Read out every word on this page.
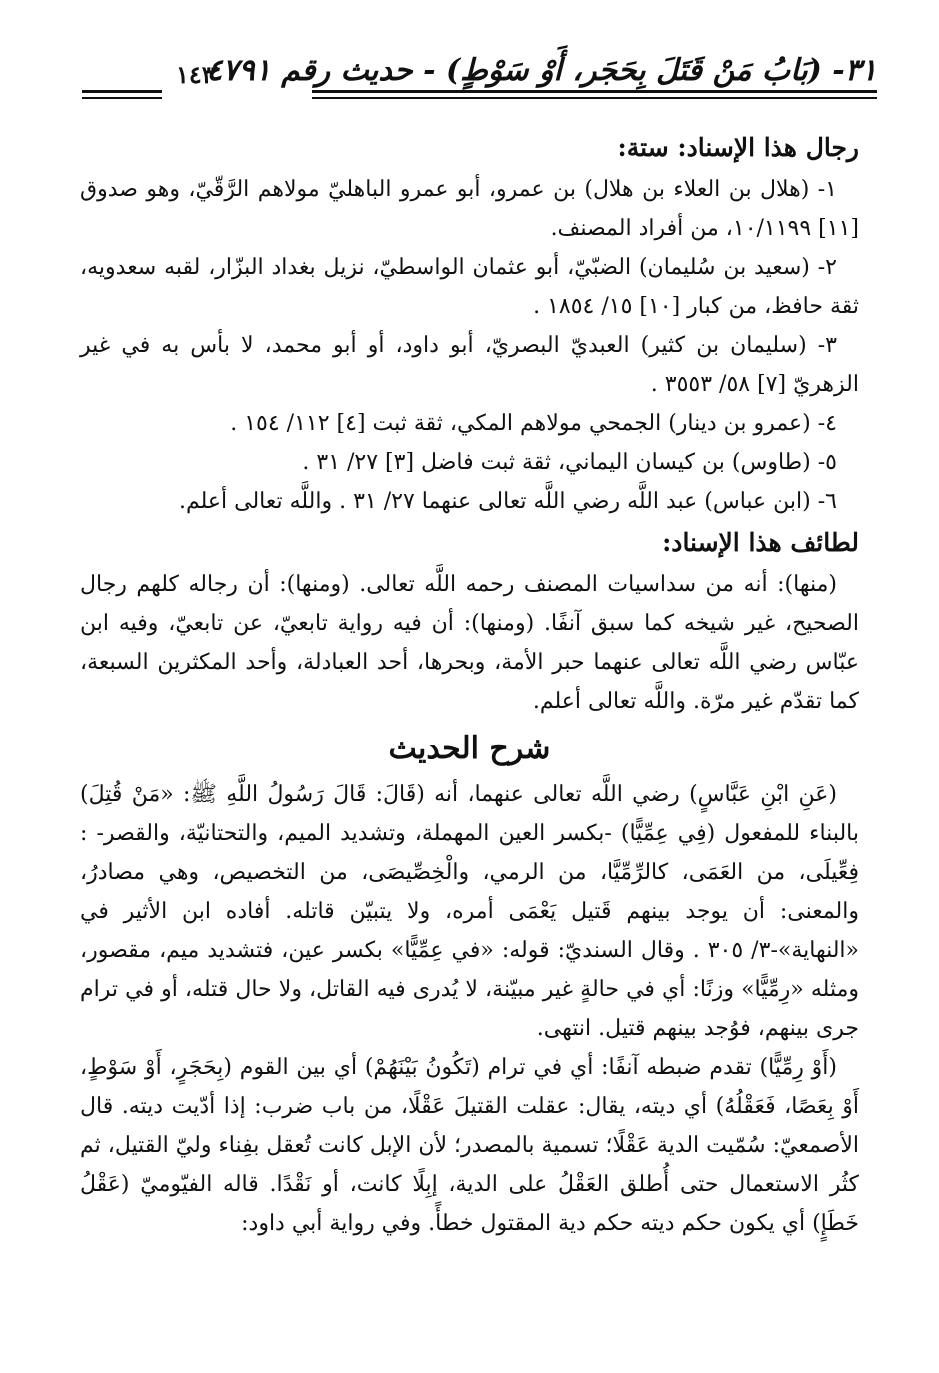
٣١- (بَابُ مَنْ قَتَلَ بِحَجَر، أَوْ سَوْطٍ) - حديث رقم ٤٧٩١
١٤٣
رجال هذا الإسناد: ستة:

١- (هلال بن العلاء بن هلال) بن عمرو، أبو عمرو الباهليّ مولاهم الرَّقّيّ، وهو صدوق [١١] ١٠/١١٩٩، من أفراد المصنف.

٢- (سعيد بن سُليمان) الضبّيّ، أبو عثمان الواسطيّ، نزيل بغداد البزّار، لقبه سعدويه، ثقة حافظ، من كبار [١٠] ١٥/ ١٨٥٤ .

٣- (سليمان بن كثير) العبديّ البصريّ، أبو داود، أو أبو محمد، لا بأس به في غير الزهريّ [٧] ٥٨/ ٣٥٥٣ .

٤- (عمرو بن دينار) الجمحي مولاهم المكي، ثقة ثبت [٤] ١١٢/ ١٥٤ .

٥- (طاوس) بن كيسان اليماني، ثقة ثبت فاضل [٣] ٢٧/ ٣١ .

٦- (ابن عباس) عبد اللَّه رضي اللَّه تعالى عنهما ٢٧/ ٣١ . واللَّه تعالى أعلم.

لطائف هذا الإسناد:

(منها): أنه من سداسيات المصنف رحمه اللَّه تعالى. (ومنها): أن رجاله كلهم رجال الصحيح، غير شيخه كما سبق آنفًا. (ومنها): أن فيه رواية تابعيّ، عن تابعيّ، وفيه ابن عبّاس رضي اللَّه تعالى عنهما حبر الأمة، وبحرها، أحد العبادلة، وأحد المكثرين السبعة، كما تقدّم غير مرّة. واللَّه تعالى أعلم.

شرح الحديث

(عَنِ ابْنِ عَبَّاسٍ) رضي اللَّه تعالى عنهما، أنه (قَالَ: قَالَ رَسُولُ اللَّهِ ﷺ: «مَنْ قُتِلَ) بالبناء للمفعول (فِي عِمِّيًّا) -بكسر العين المهملة، وتشديد الميم، والتحتانيّة، والقصر- : فِعِّيلَى، من العَمَى، كالرِّمِّيَّا، من الرمي، والْخِصِّيصَى، من التخصيص، وهي مصادرُ، والمعنى: أن يوجد بينهم قَتيل يَعْمَى أمره، ولا يتبيّن قاتله. أفاده ابن الأثير في «النهاية»-٣/ ٣٠٥ . وقال السنديّ: قوله: «في عِمِّيًّا» بكسر عين، فتشديد ميم، مقصور، ومثله «رِمِّيًّا» وزنًا: أي في حالةٍ غير مبيّنة، لا يُدرى فيه القاتل، ولا حال قتله، أو في ترام جرى بينهم، فوُجد بينهم قتيل. انتهى.

(أَوْ رِمِّيًّا) تقدم ضبطه آنفًا: أي في ترام (تَكُونُ بَيْنَهُمْ) أي بين القوم (بِحَجَرٍ، أَوْ سَوْطٍ، أَوْ بِعَصًا، فَعَقْلُهُ) أي ديته، يقال: عقلت القتيلَ عَقْلًا، من باب ضرب: إذا أدّيت ديته. قال الأصمعيّ: سُمّيت الدية عَقْلًا؛ تسمية بالمصدر؛ لأن الإبل كانت تُعقل بفِناء وليّ القتيل، ثم كثُر الاستعمال حتى أُطلق العَقْلُ على الدية، إبِلًا كانت، أو نَقْدًا. قاله الفيّوميّ (عَقْلُ خَطَإٍ) أي يكون حكم ديته حكم دية المقتول خطأً. وفي رواية أبي داود:
